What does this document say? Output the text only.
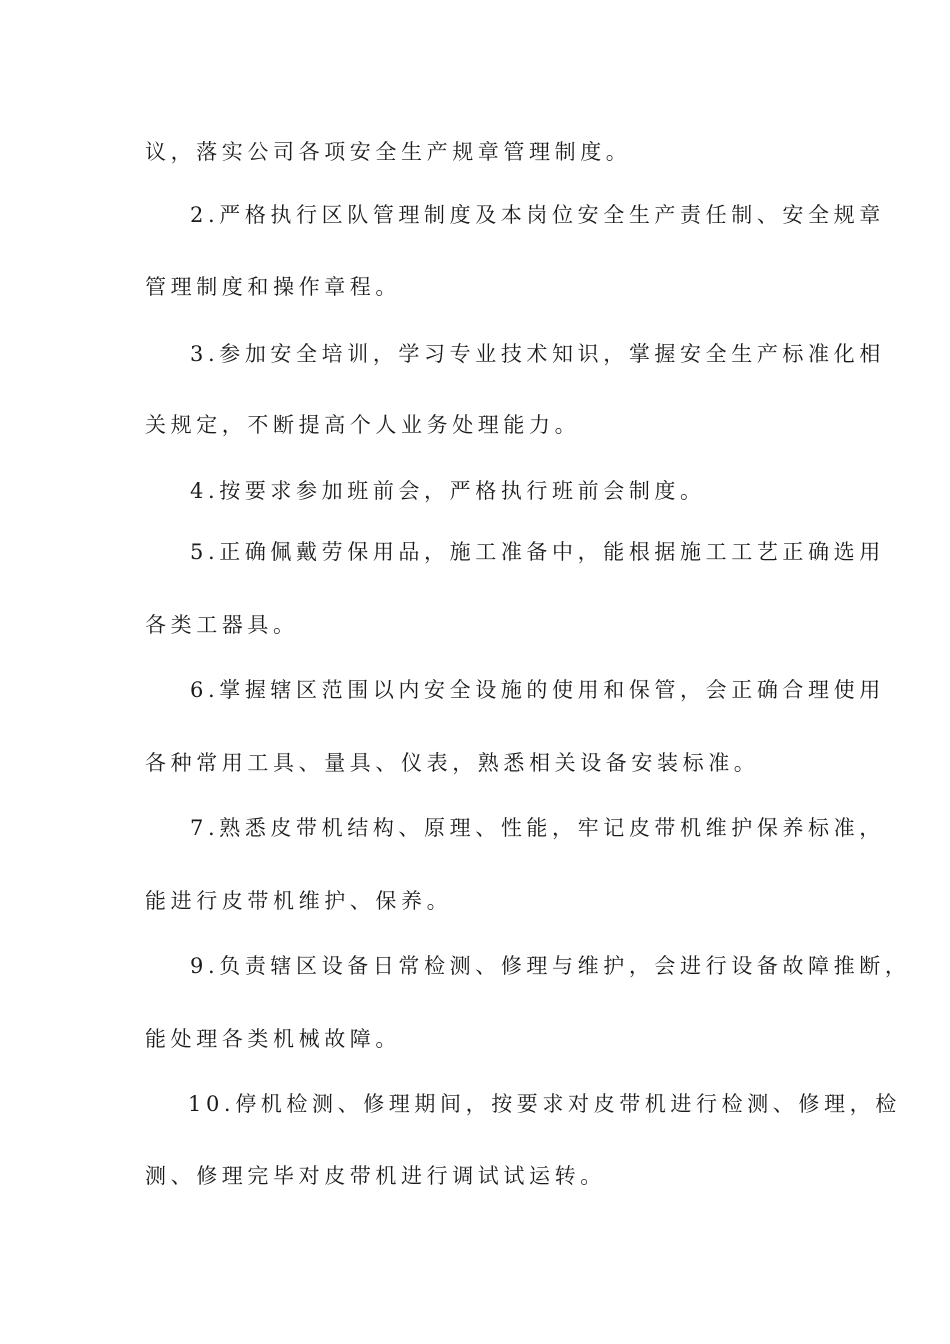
议，落实公司各项安全生产规章管理制度。
2.严格执行区队管理制度及本岗位安全生产责任制、安全规章
管理制度和操作章程。
3.参加安全培训，学习专业技术知识，掌握安全生产标准化相
关规定，不断提高个人业务处理能力。
4.按要求参加班前会，严格执行班前会制度。
5.正确佩戴劳保用品，施工准备中，能根据施工工艺正确选用
各类工器具。
6.掌握辖区范围以内安全设施的使用和保管，会正确合理使用
各种常用工具、量具、仪表，熟悉相关设备安装标准。
7.熟悉皮带机结构、原理、性能，牢记皮带机维护保养标准，
能进行皮带机维护、保养。
9.负责辖区设备日常检测、修理与维护，会进行设备故障推断，
能处理各类机械故障。
10.停机检测、修理期间，按要求对皮带机进行检测、修理，检
测、修理完毕对皮带机进行调试试运转。
